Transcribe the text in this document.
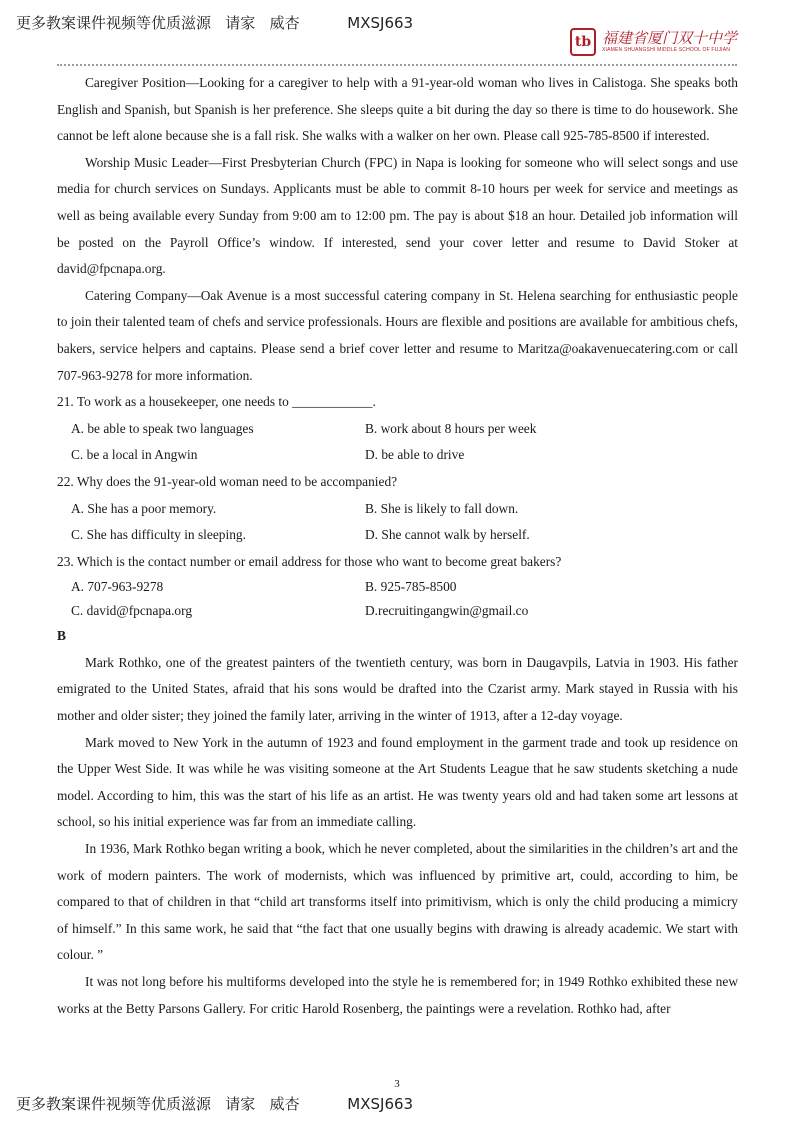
更多教案课件视频等优质滋源   请家   威杏          MXSJ663
tb 福建省厦门双十中学
XIAMEN SHUANGSHI MIDDLE SCHOOL OF FUJIAN

Caregiver Position—Looking for a caregiver to help with a 91-year-old woman who lives in Calistoga. She speaks both English and Spanish, but Spanish is her preference. She sleeps quite a bit during the day so there is time to do housework. She cannot be left alone because she is a fall risk. She walks with a walker on her own. Please call 925-785-8500 if interested.

Worship Music Leader—First Presbyterian Church (FPC) in Napa is looking for someone who will select songs and use media for church services on Sundays. Applicants must be able to commit 8-10 hours per week for service and meetings as well as being available every Sunday from 9:00 am to 12:00 pm. The pay is about $18 an hour. Detailed job information will be posted on the Payroll Office’s window. If interested, send your cover letter and resume to David Stoker at david@fpcnapa.org.

Catering Company—Oak Avenue is a most successful catering company in St. Helena searching for enthusiastic people to join their talented team of chefs and service professionals. Hours are flexible and positions are available for ambitious chefs, bakers, service helpers and captains. Please send a brief cover letter and resume to Maritza@oakavenuecatering.com or call 707-963-9278 for more information.

21. To work as a housekeeper, one needs to ____________.

A. be able to speak two languages	B. work about 8 hours per week
C. be a local in Angwin	D. be able to drive

22. Why does the 91-year-old woman need to be accompanied?

A. She has a poor memory.	B. She is likely to fall down.
C. She has difficulty in sleeping.	D. She cannot walk by herself.

23. Which is the contact number or email address for those who want to become great bakers?

A. 707-963-9278	B. 925-785-8500
C. david@fpcnapa.org	D.recruitingangwin@gmail.co

B

Mark Rothko, one of the greatest painters of the twentieth century, was born in Daugavpils, Latvia in 1903. His father emigrated to the United States, afraid that his sons would be drafted into the Czarist army. Mark stayed in Russia with his mother and older sister; they joined the family later, arriving in the winter of 1913, after a 12-day voyage.

Mark moved to New York in the autumn of 1923 and found employment in the garment trade and took up residence on the Upper West Side. It was while he was visiting someone at the Art Students League that he saw students sketching a nude model. According to him, this was the start of his life as an artist. He was twenty years old and had taken some art lessons at school, so his initial experience was far from an immediate calling.

In 1936, Mark Rothko began writing a book, which he never completed, about the similarities in the children’s art and the work of modern painters. The work of modernists, which was influenced by primitive art, could, according to him, be compared to that of children in that “child art transforms itself into primitivism, which is only the child producing a mimicry of himself.” In this same work, he said that “the fact that one usually begins with drawing is already academic. We start with colour. ”

It was not long before his multiforms developed into the style he is remembered for; in 1949 Rothko exhibited these new works at the Betty Parsons Gallery. For critic Harold Rosenberg, the paintings were a revelation. Rothko had, after

3
更多教案课件视频等优质滋源   请家   威杏          MXSJ663
